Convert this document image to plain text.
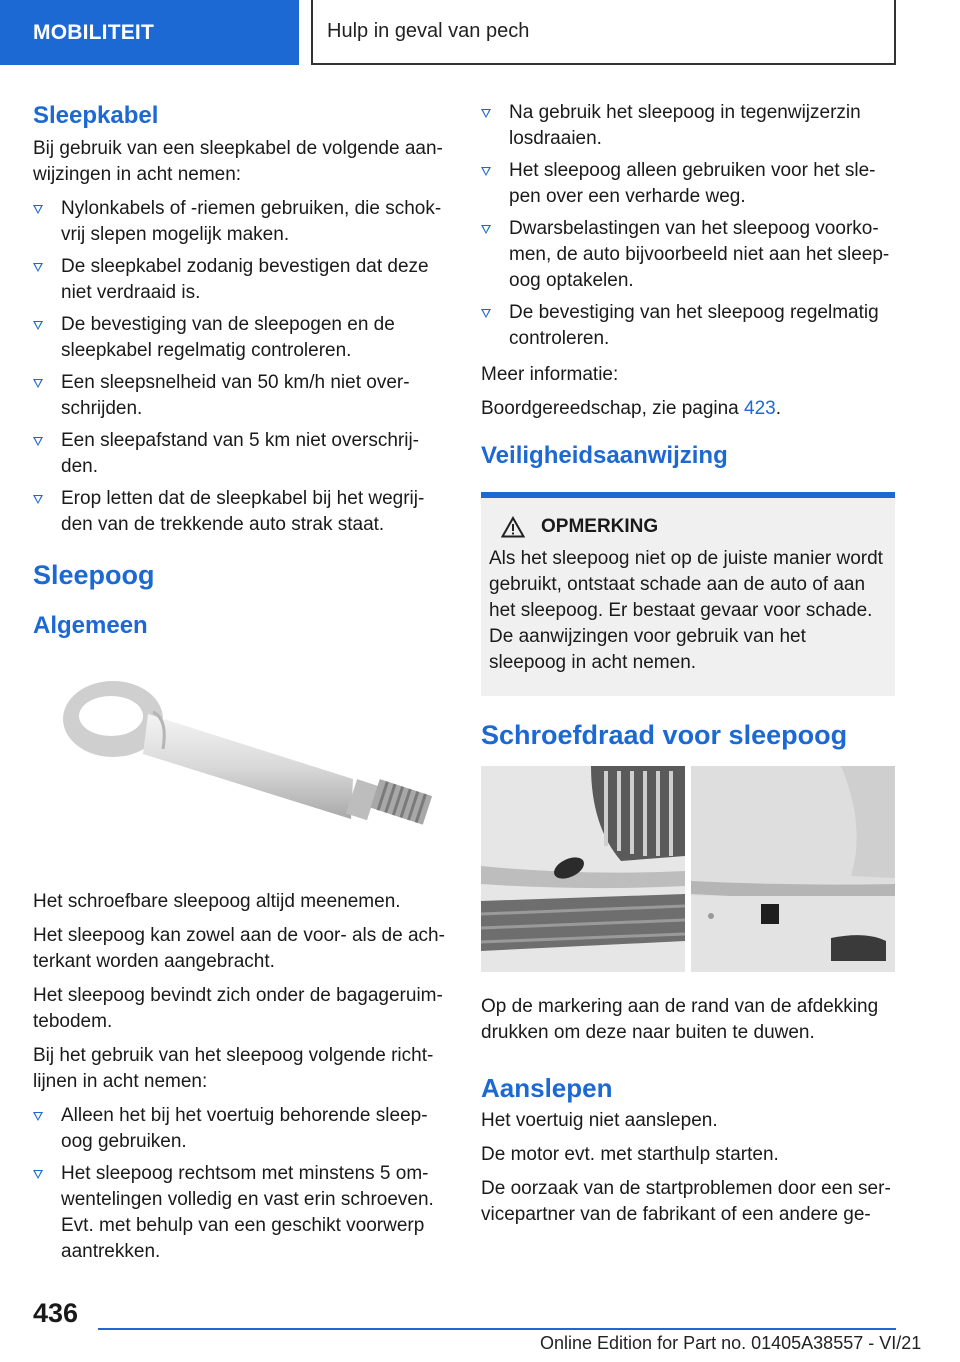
MOBILITEIT	Hulp in geval van pech
Sleepkabel

Bij gebruik van een sleepkabel de volgende aan-wijzingen in acht nemen:

Nylonkabels of -riemen gebruiken, die schok-vrij slepen mogelijk maken.
De sleepkabel zodanig bevestigen dat deze niet verdraaid is.
De bevestiging van de sleepogen en de sleepkabel regelmatig controleren.
Een sleepsnelheid van 50 km/h niet over-schrijden.
Een sleepafstand van 5 km niet overschrij-den.
Erop letten dat de sleepkabel bij het wegrij-den van de trekkende auto strak staat.
Sleepoog
Algemeen

Het schroefbare sleepoog altijd meenemen.

Het sleepoog kan zowel aan de voor- als de ach-terkant worden aangebracht.

Het sleepoog bevindt zich onder de bagageruim-tebodem.

Bij het gebruik van het sleepoog volgende richt-lijnen in acht nemen:

Alleen het bij het voertuig behorende sleep-oog gebruiken.
Het sleepoog rechtsom met minstens 5 om-wentelingen volledig en vast erin schroeven. Evt. met behulp van een geschikt voorwerp aantrekken.
Na gebruik het sleepoog in tegenwijzerzin losdraaien.
Het sleepoog alleen gebruiken voor het sle-pen over een verharde weg.
Dwarsbelastingen van het sleepoog voorko-men, de auto bijvoorbeeld niet aan het sleep-oog optakelen.
De bevestiging van het sleepoog regelmatig controleren.

Meer informatie:

Boordgereedschap, zie pagina 423.

Veiligheidsaanwijzing
OPMERKING

Als het sleepoog niet op de juiste manier wordt gebruikt, ontstaat schade aan de auto of aan het sleepoog. Er bestaat gevaar voor schade. De aanwijzingen voor gebruik van het sleepoog in acht nemen.

Schroefdraad voor sleepoog

Op de markering aan de rand van de afdekking drukken om deze naar buiten te duwen.

Aanslepen

Het voertuig niet aanslepen.

De motor evt. met starthulp starten.

De oorzaak van de startproblemen door een ser-vicepartner van de fabrikant of een andere ge-

436
Online Edition for Part no. 01405A38557 - VI/21
